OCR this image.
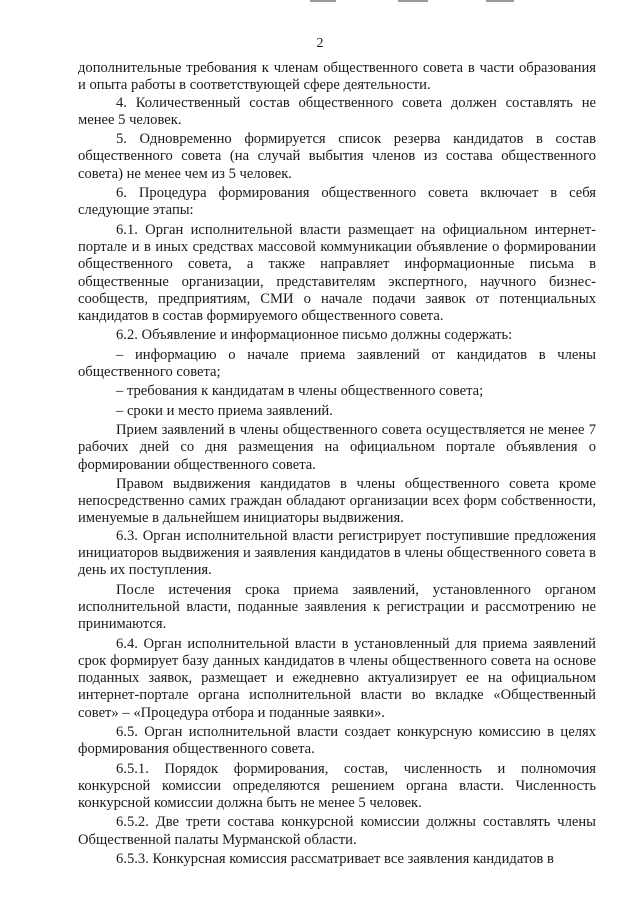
2

дополнительные требования к членам общественного совета в части образования и опыта работы в соответствующей сфере деятельности.

4. Количественный состав общественного совета должен составлять не менее 5 человек.

5. Одновременно формируется список резерва кандидатов в состав общественного совета (на случай выбытия членов из состава общественного совета) не менее чем из 5 человек.

6. Процедура формирования общественного совета включает в себя следующие этапы:

6.1. Орган исполнительной власти размещает на официальном интернет-портале и в иных средствах массовой коммуникации объявление о формировании общественного совета, а также направляет информационные письма в общественные организации, представителям экспертного, научного бизнес-сообществ, предприятиям, СМИ о начале подачи заявок от потенциальных кандидатов в состав формируемого общественного совета.

6.2. Объявление и информационное письмо должны содержать:

– информацию о начале приема заявлений от кандидатов в члены общественного совета;

– требования к кандидатам в члены общественного совета;

– сроки и место приема заявлений.

Прием заявлений в члены общественного совета осуществляется не менее 7 рабочих дней со дня размещения на официальном портале объявления о формировании общественного совета.

Правом выдвижения кандидатов в члены общественного совета кроме непосредственно самих граждан обладают организации всех форм собственности, именуемые в дальнейшем инициаторы выдвижения.

6.3. Орган исполнительной власти регистрирует поступившие предложения инициаторов выдвижения и заявления кандидатов в члены общественного совета в день их поступления.

После истечения срока приема заявлений, установленного органом исполнительной власти, поданные заявления к регистрации и рассмотрению не принимаются.

6.4. Орган исполнительной власти в установленный для приема заявлений срок формирует базу данных кандидатов в члены общественного совета на основе поданных заявок, размещает и ежедневно актуализирует ее на официальном интернет-портале органа исполнительной власти во вкладке «Общественный совет» – «Процедура отбора и поданные заявки».

6.5. Орган исполнительной власти создает конкурсную комиссию в целях формирования общественного совета.

6.5.1. Порядок формирования, состав, численность и полномочия конкурсной комиссии определяются решением органа власти. Численность конкурсной комиссии должна быть не менее 5 человек.

6.5.2. Две трети состава конкурсной комиссии должны составлять члены Общественной палаты Мурманской области.

6.5.3. Конкурсная комиссия рассматривает все заявления кандидатов в
